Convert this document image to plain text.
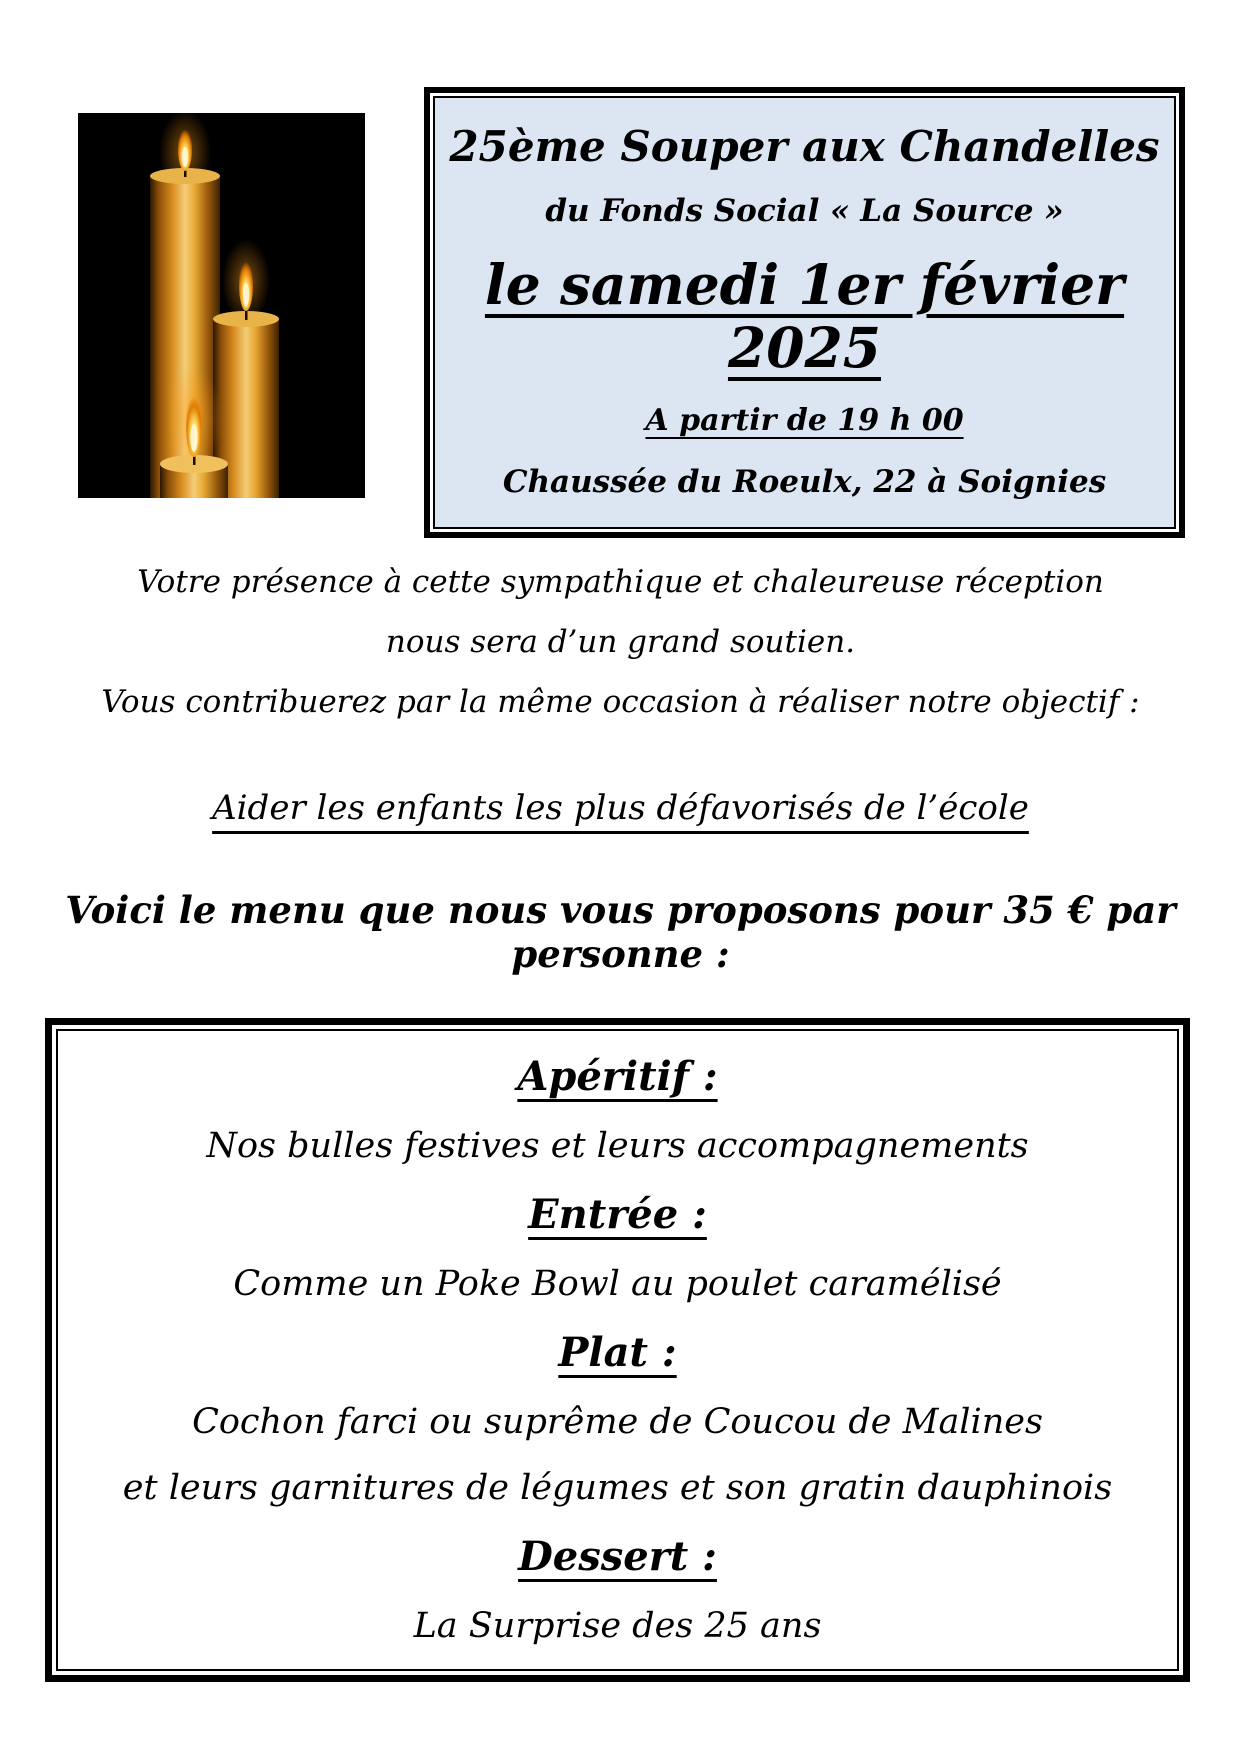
25ème Souper aux Chandelles
du Fonds Social « La Source »
le samedi 1er février 2025
A partir de 19 h 00
Chaussée du Roeulx, 22 à Soignies

Votre présence à cette sympathique et chaleureuse réception

nous sera d’un grand soutien.

Vous contribuerez par la même occasion à réaliser notre objectif :

Aider les enfants les plus défavorisés de l’école
Voici le menu que nous vous proposons pour 35 € par personne :
Apéritif :
Nos bulles festives et leurs accompagnements
Entrée :
Comme un Poke Bowl au poulet caramélisé
Plat :
Cochon farci ou suprême de Coucou de Malines
et leurs garnitures de légumes et son gratin dauphinois
Dessert :
La Surprise des 25 ans
